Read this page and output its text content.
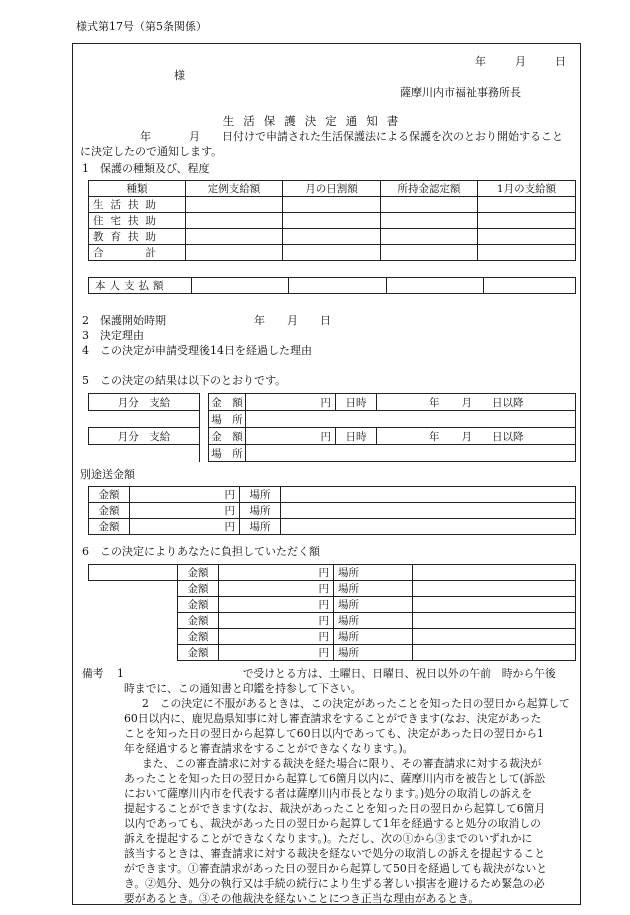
様式第17号（第5条関係）
年	月	日
様
薩摩川内市福祉事務所長
生活保護決定通知書
年	月 日付けで申請された生活保護法による保護を次のとおり開始すること
に決定したので通知します。
1　保護の種類及び、程度
種類	定例支給額	月の日割額	所持金認定額	1月の支給額
生活扶助				
住宅扶助				
教育扶助				
合　　　　計				
本人支払額				
2　保護開始時期	年 月 日
3　決定理由
4　この決定が申請受理後14日を経過した理由
5　この決定の結果は以下のとおりです。
月分　支給		金　額	円	日時	年 月 日以降
		場　所			
月分　支給		金　額	円	日時	年 月 日以降
		場　所			
別途送金額
金額	円	場所	
金額	円	場所	
金額	円	場所	
6　この決定によりあなたに負担していただく額
	金額	円	場所	
	金額	円	場所	
	金額	円	場所	
	金額	円	場所	
	金額	円	場所	
	金額	円	場所	
備考 1　　　　　　　　　　　で受けとる方は、土曜日、日曜日、祝日以外の午前　時から午後
時までに、この通知書と印鑑を持参して下さい。
2　この決定に不服があるときは、この決定があったことを知った日の翌日から起算して
60日以内に、鹿児島県知事に対し審査請求をすることができます(なお、決定があった
ことを知った日の翌日から起算して60日以内であっても、決定があった日の翌日から1
年を経過すると審査請求をすることができなくなります。)。
また、この審査請求に対する裁決を経た場合に限り、その審査請求に対する裁決が
あったことを知った日の翌日から起算して6箇月以内に、薩摩川内市を被告として(訴訟
において薩摩川内市を代表する者は薩摩川内市長となります。)処分の取消しの訴えを
提起することができます(なお、裁決があったことを知った日の翌日から起算して6箇月
以内であっても、裁決があった日の翌日から起算して1年を経過すると処分の取消しの
訴えを提起することができなくなります。)。ただし、次の①から③までのいずれかに
該当するときは、審査請求に対する裁決を経ないで処分の取消しの訴えを提起すること
ができます。①審査請求があった日の翌日から起算して50日を経過しても裁決がないと
き。②処分、処分の執行又は手続の続行により生ずる著しい損害を避けるため緊急の必
要があるとき。③その他裁決を経ないことにつき正当な理由があるとき。
